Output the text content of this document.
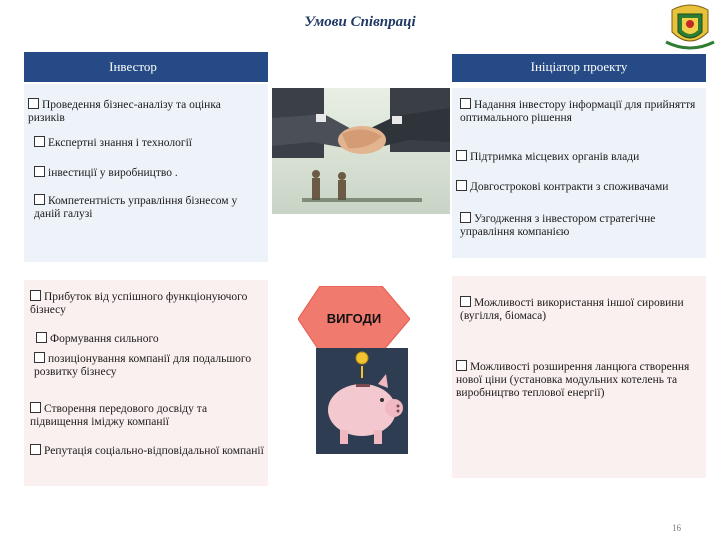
Умови Співпраці
Інвестор	Ініціатор проекту
Проведення бізнес-аналізу та оцінка ризиків
Експертні знання і технології
інвестиції у виробництво .
Компетентність управління бізнесом у даній галузі
Надання інвестору інформації для прийняття оптимального рішення
Підтримка місцевих органів влади
Довгострокові контракти з споживачами
Узгодження з інвестором стратегічне управління компанією
Прибуток від успішного функціонуючого бізнесу
Формування сильного
позиціонування компанії для подальшого розвитку бізнесу
Створення передового досвіду та підвищення іміджу компанії
Репутація соціально-відповідальної компанії
Можливості використання іншої сировини (вугілля, біомаса)
Можливості розширення ланцюга створення нової ціни (установка модульних котелень та виробництво теплової енергії)
ВИГОДИ
16
